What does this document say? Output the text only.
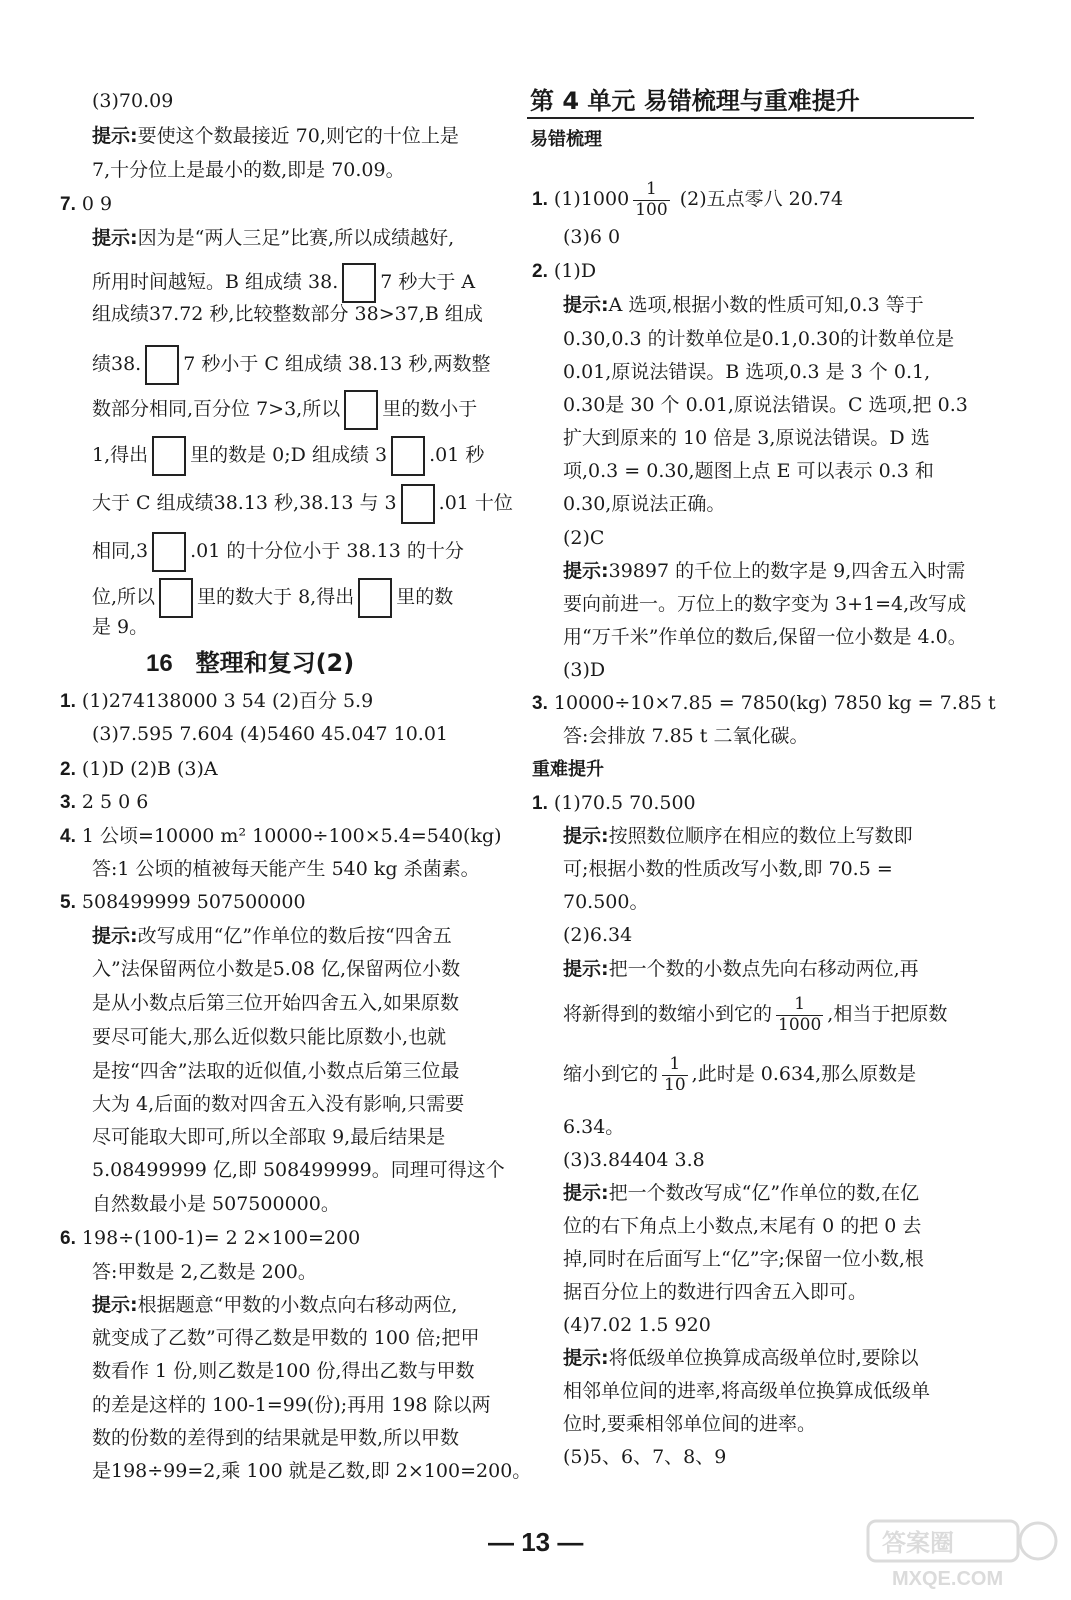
(3)70.09
提示:要使这个数最接近 70,则它的十位上是
7,十分位上是最小的数,即是 70.09。
7. 0 9
提示:因为是“两人三足”比赛,所以成绩越好,
所用时间越短。B 组成绩 38. 7 秒大于 A
组成绩37.72 秒,比较整数部分 38>37,B 组成
绩38. 7 秒小于 C 组成绩 38.13 秒,两数整
数部分相同,百分位 7>3,所以 里的数小于
1,得出 里的数是 0;D 组成绩 3 .01 秒
大于 C 组成绩38.13 秒,38.13 与 3 .01 十位
相同,3 .01 的十分位小于 38.13 的十分
位,所以 里的数大于 8,得出 里的数
是 9。
16 整理和复习(2)
1. (1)274138000 3 54 (2)百分 5.9
(3)7.595 7.604 (4)5460 45.047 10.01
2. (1)D (2)B (3)A
3. 2 5 0 6
4. 1 公顷=10000 m² 10000÷100×5.4=540(kg)
答:1 公顷的植被每天能产生 540 kg 杀菌素。
5. 508499999 507500000
提示:改写成用“亿”作单位的数后按“四舍五
入”法保留两位小数是5.08 亿,保留两位小数
是从小数点后第三位开始四舍五入,如果原数
要尽可能大,那么近似数只能比原数小,也就
是按“四舍”法取的近似值,小数点后第三位最
大为 4,后面的数对四舍五入没有影响,只需要
尽可能取大即可,所以全部取 9,最后结果是
5.08499999 亿,即 508499999。同理可得这个
自然数最小是 507500000。
6. 198÷(100-1)= 2 2×100=200
答:甲数是 2,乙数是 200。
提示:根据题意“甲数的小数点向右移动两位,
就变成了乙数”可得乙数是甲数的 100 倍;把甲
数看作 1 份,则乙数是100 份,得出乙数与甲数
的差是这样的 100-1=99(份);再用 198 除以两
数的份数的差得到的结果就是甲数,所以甲数
是198÷99=2,乘 100 就是乙数,即 2×100=200。
第 4 单元 易错梳理与重难提升
易错梳理
1. $(1)1000 \frac{1}{100} (2)$五点零八 20.74
(3)6 0
2. (1)D
提示:A 选项,根据小数的性质可知,0.3 等于
0.30,0.3 的计数单位是0.1,0.30的计数单位是
0.01,原说法错误。B 选项,0.3 是 3 个 0.1,
0.30是 30 个 0.01,原说法错误。C 选项,把 0.3
扩大到原来的 10 倍是 3,原说法错误。D 选
项,0.3 = 0.30,题图上点 E 可以表示 0.3 和
0.30,原说法正确。
(2)C
提示:39897 的千位上的数字是 9,四舍五入时需
要向前进一。万位上的数字变为 3+1=4,改写成
用“万千米”作单位的数后,保留一位小数是 4.0。
(3)D
3. 10000÷10×7.85 = 7850(kg) 7850 kg = 7.85 t
答:会排放 7.85 t 二氧化碳。
重难提升
1. (1)70.5 70.500
提示:按照数位顺序在相应的数位上写数即
可;根据小数的性质改写小数,即 70.5 =
70.500。
(2)6.34
提示:把一个数的小数点先向右移动两位,再
将新得到的数缩小到它的 $\frac{1}{1000}$ ,相当于把原数
缩小到它的 $\frac{1}{10}$ ,此时是 0.634,那么原数是
6.34。
(3)3.84404 3.8
提示:把一个数改写成“亿”作单位的数,在亿
位的右下角点上小数点,末尾有 0 的把 0 去
掉,同时在后面写上“亿”字;保留一位小数,根
据百分位上的数进行四舍五入即可。
(4)7.02 1.5 920
提示:将低级单位换算成高级单位时,要除以
相邻单位间的进率,将高级单位换算成低级单
位时,要乘相邻单位间的进率。
(5)5、6、7、8、9
— 13 —	答案圈
MXQE.COM
